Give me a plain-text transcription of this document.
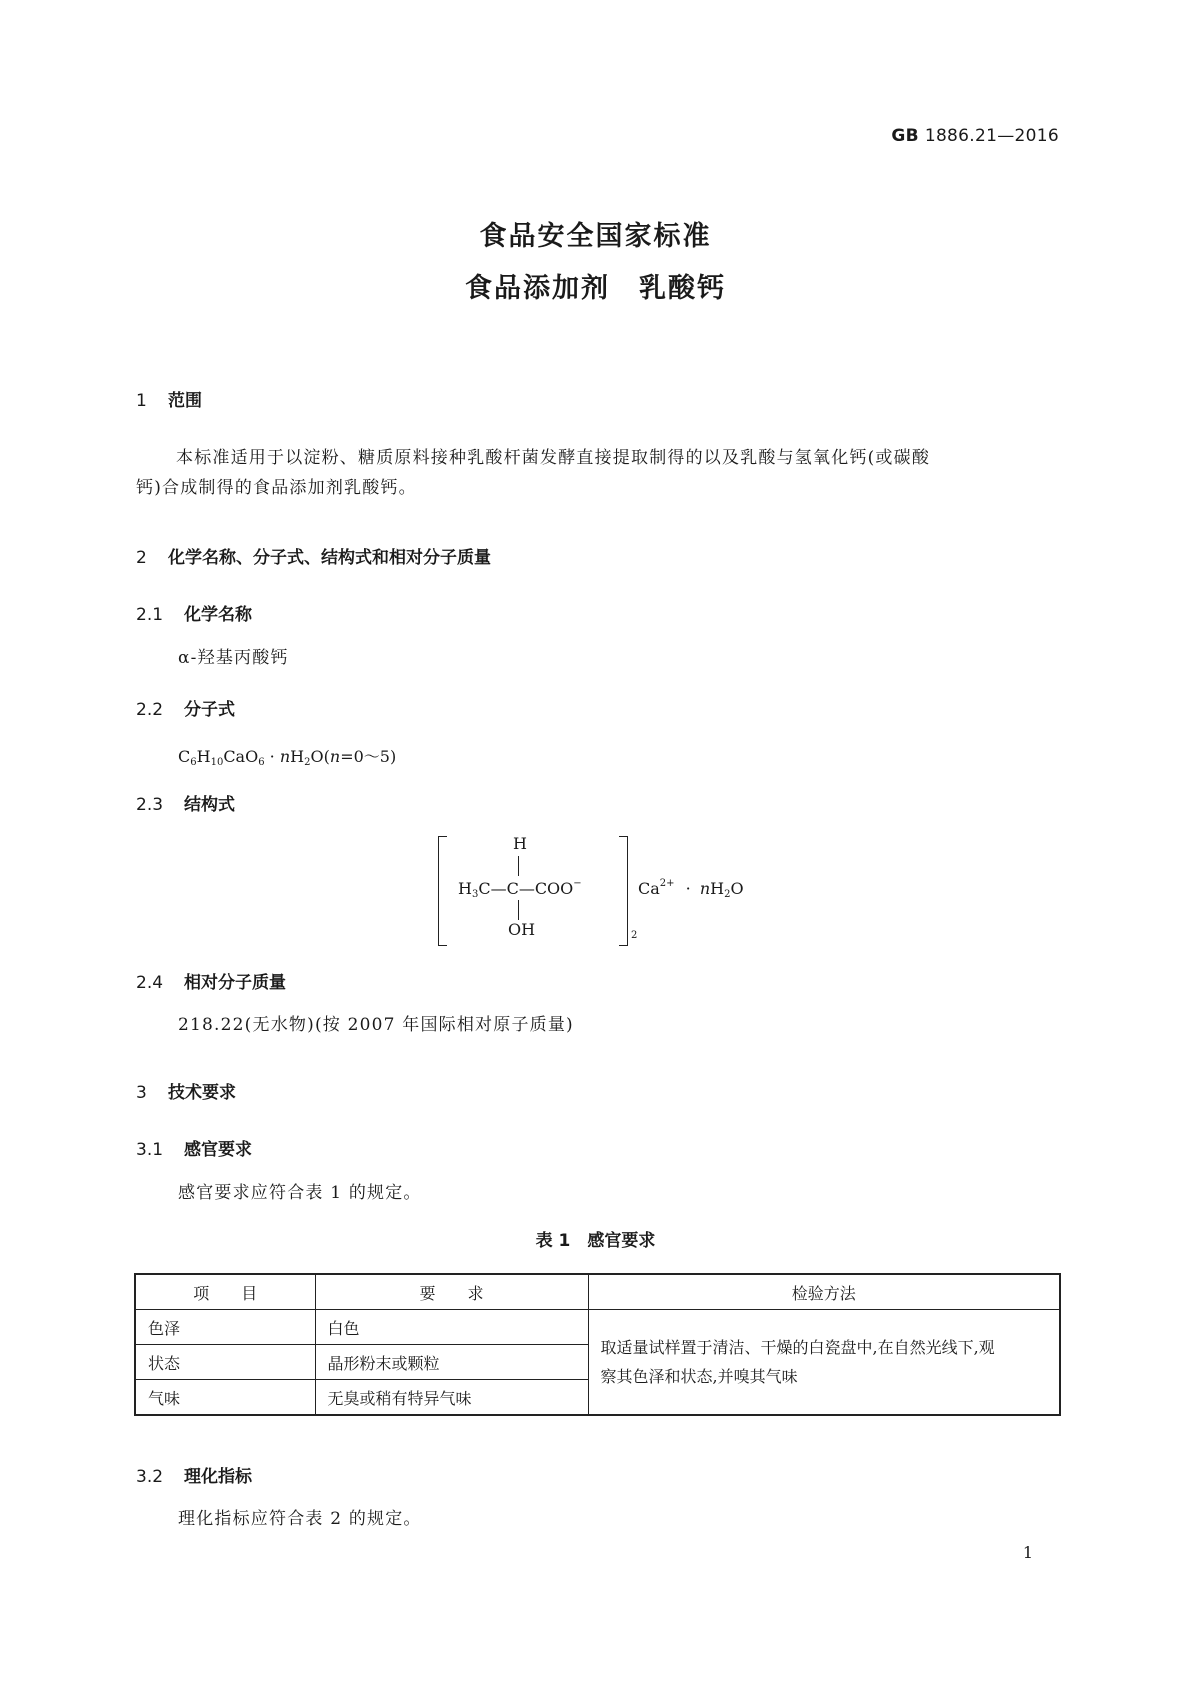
GB 1886.21—2016
食品安全国家标准
食品添加剂　乳酸钙
1 范围
本标准适用于以淀粉、糖质原料接种乳酸杆菌发酵直接提取制得的以及乳酸与氢氧化钙(或碳酸
钙)合成制得的食品添加剂乳酸钙。
2 化学名称、分子式、结构式和相对分子质量
2.1 化学名称
α-羟基丙酸钙
2.2 分子式
$C_6H_{10}CaO_6$ · $nH_2O(n=0\sim 5)$
2.3 结构式
2
H
$H_3C—C—COO^-$
OH
$Ca^{2+} \cdot nH_2O$
2.4 相对分子质量
218.22(无水物)(按 2007 年国际相对原子质量)
3 技术要求
3.1 感官要求
感官要求应符合表 1 的规定。
表 1　感官要求
项　　目	要　　求	检验方法
色泽	白色	取适量试样置于清洁、干燥的白瓷盘中,在自然光线下,观
察其色泽和状态,并嗅其气味

状态	晶形粉末或颗粒	
气味	无臭或稍有特异气味	
3.2 理化指标
理化指标应符合表 2 的规定。
1
